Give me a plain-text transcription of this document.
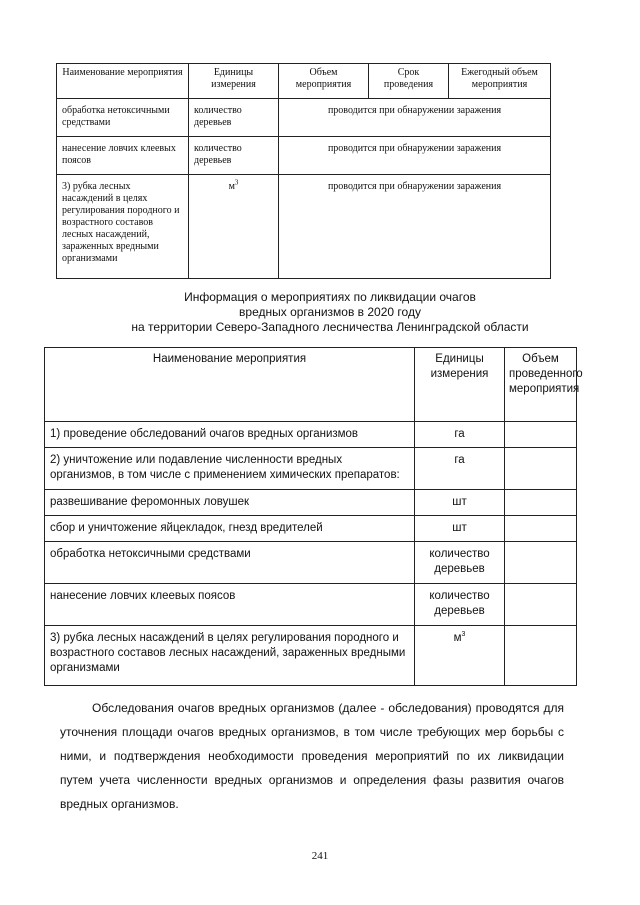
Наименование мероприятия	Единицы измерения	Объем мероприятия	Срок проведения	Ежегодный объем мероприятия
обработка нетоксичными средствами	количество деревьев	проводится при обнаружении заражения		
нанесение ловчих клеевых поясов	количество деревьев	проводится при обнаружении заражения		
3) рубка лесных насаждений в целях регулирования породного и возрастного составов лесных насаждений, зараженных вредными организмами	$м^3$	проводится при обнаружении заражения		
Информация о мероприятиях по ликвидации очагов
вредных организмов в 2020 году
на территории Северо-Западного лесничества Ленинградской области
Наименование мероприятия	Единицы измерения	Объем проведенного мероприятия
1) проведение обследований очагов вредных организмов	га	
2) уничтожение или подавление численности вредных организмов, в том числе с применением химических препаратов:	га	
развешивание феромонных ловушек	шт	
сбор и уничтожение яйцекладок, гнезд вредителей	шт	
обработка нетоксичными средствами	количество деревьев	
нанесение ловчих клеевых поясов	количество деревьев	
3) рубка лесных насаждений в целях регулирования породного и возрастного составов лесных насаждений, зараженных вредными организмами	$м^3$	

Обследования очагов вредных организмов (далее - обследования) проводятся для уточнения площади очагов вредных организмов, в том числе требующих мер борьбы с ними, и подтверждения необходимости проведения мероприятий по их ликвидации путем учета численности вредных организмов и определения фазы развития очагов вредных организмов.

241
